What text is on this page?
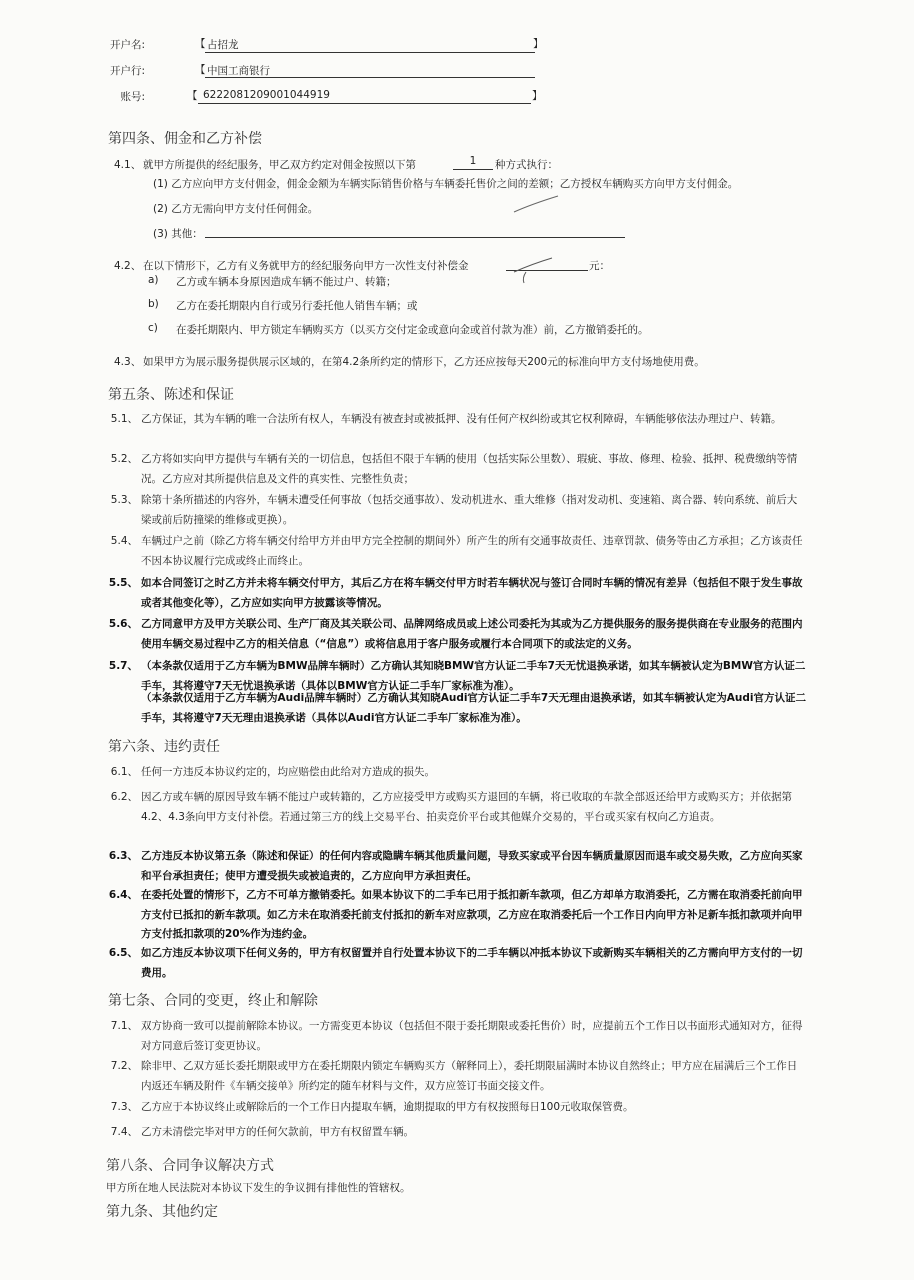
开户名:	【 占招龙	】
开户行:	【 中国工商银行
账号:	【 6222081209001044919	】
第四条、佣金和乙方补偿
4.1、 就甲方所提供的经纪服务，甲乙双方约定对佣金按照以下第	1	种方式执行：
(1) 乙方应向甲方支付佣金，佣金金额为车辆实际销售价格与车辆委托售价之间的差额；乙方授权车辆购买方向甲方支付佣金。
(2) 乙方无需向甲方支付任何佣金。
(3) 其他：
4.2、 在以下情形下，乙方有义务就甲方的经纪服务向甲方一次性支付补偿金	元：
a) 乙方或车辆本身原因造成车辆不能过户、转籍；
b) 乙方在委托期限内自行或另行委托他人销售车辆；或
c) 在委托期限内、甲方锁定车辆购买方（以买方交付定金或意向金或首付款为准）前，乙方撤销委托的。
4.3、 如果甲方为展示服务提供展示区域的，在第4.2条所约定的情形下，乙方还应按每天200元的标准向甲方支付场地使用费。
第五条、陈述和保证
5.1、 乙方保证，其为车辆的唯一合法所有权人，车辆没有被查封或被抵押、没有任何产权纠纷或其它权利障碍，车辆能够依法办理过户、转籍。
5.2、 乙方将如实向甲方提供与车辆有关的一切信息，包括但不限于车辆的使用（包括实际公里数）、瑕疵、事故、修理、检验、抵押、税费缴纳等情况。乙方应对其所提供信息及文件的真实性、完整性负责；
5.3、 除第十条所描述的内容外，车辆未遭受任何事故（包括交通事故）、发动机进水、重大维修（指对发动机、变速箱、离合器、转向系统、前后大梁或前后防撞梁的维修或更换）。
5.4、 车辆过户之前（除乙方将车辆交付给甲方并由甲方完全控制的期间外）所产生的所有交通事故责任、违章罚款、债务等由乙方承担；乙方该责任不因本协议履行完成或终止而终止。
5.5、 如本合同签订之时乙方并未将车辆交付甲方，其后乙方在将车辆交付甲方时若车辆状况与签订合同时车辆的情况有差异（包括但不限于发生事故或者其他变化等），乙方应如实向甲方披露该等情况。
5.6、 乙方同意甲方及甲方关联公司、生产厂商及其关联公司、品牌网络成员或上述公司委托为其或为乙方提供服务的服务提供商在专业服务的范围内使用车辆交易过程中乙方的相关信息（“信息”）或将信息用于客户服务或履行本合同项下的或法定的义务。
5.7、 （本条款仅适用于乙方车辆为BMW品牌车辆时）乙方确认其知晓BMW官方认证二手车7天无忧退换承诺，如其车辆被认定为BMW官方认证二手车，其将遵守7天无忧退换承诺（具体以BMW官方认证二手车厂家标准为准）。
（本条款仅适用于乙方车辆为Audi品牌车辆时）乙方确认其知晓Audi官方认证二手车7天无理由退换承诺，如其车辆被认定为Audi官方认证二手车，其将遵守7天无理由退换承诺（具体以Audi官方认证二手车厂家标准为准）。
第六条、违约责任
6.1、 任何一方违反本协议约定的，均应赔偿由此给对方造成的损失。
6.2、 因乙方或车辆的原因导致车辆不能过户或转籍的，乙方应接受甲方或购买方退回的车辆，将已收取的车款全部返还给甲方或购买方；并依据第4.2、4.3条向甲方支付补偿。若通过第三方的线上交易平台、拍卖竞价平台或其他媒介交易的，平台或买家有权向乙方追责。
6.3、 乙方违反本协议第五条（陈述和保证）的任何内容或隐瞒车辆其他质量问题，导致买家或平台因车辆质量原因而退车或交易失败，乙方应向买家和平台承担责任；使甲方遭受损失或被追责的，乙方应向甲方承担责任。
6.4、 在委托处置的情形下，乙方不可单方撤销委托。如果本协议下的二手车已用于抵扣新车款项，但乙方却单方取消委托，乙方需在取消委托前向甲方支付已抵扣的新车款项。如乙方未在取消委托前支付抵扣的新车对应款项，乙方应在取消委托后一个工作日内向甲方补足新车抵扣款项并向甲方支付抵扣款项的20%作为违约金。
6.5、 如乙方违反本协议项下任何义务的，甲方有权留置并自行处置本协议下的二手车辆以冲抵本协议下或新购买车辆相关的乙方需向甲方支付的一切费用。
第七条、合同的变更，终止和解除
7.1、 双方协商一致可以提前解除本协议。一方需变更本协议（包括但不限于委托期限或委托售价）时，应提前五个工作日以书面形式通知对方，征得对方同意后签订变更协议。
7.2、 除非甲、乙双方延长委托期限或甲方在委托期限内锁定车辆购买方（解释同上），委托期限届满时本协议自然终止；甲方应在届满后三个工作日内返还车辆及附件《车辆交接单》所约定的随车材料与文件，双方应签订书面交接文件。
7.3、 乙方应于本协议终止或解除后的一个工作日内提取车辆，逾期提取的甲方有权按照每日100元收取保管费。
7.4、 乙方未清偿完毕对甲方的任何欠款前，甲方有权留置车辆。
第八条、合同争议解决方式
甲方所在地人民法院对本协议下发生的争议拥有排他性的管辖权。
第九条、其他约定
